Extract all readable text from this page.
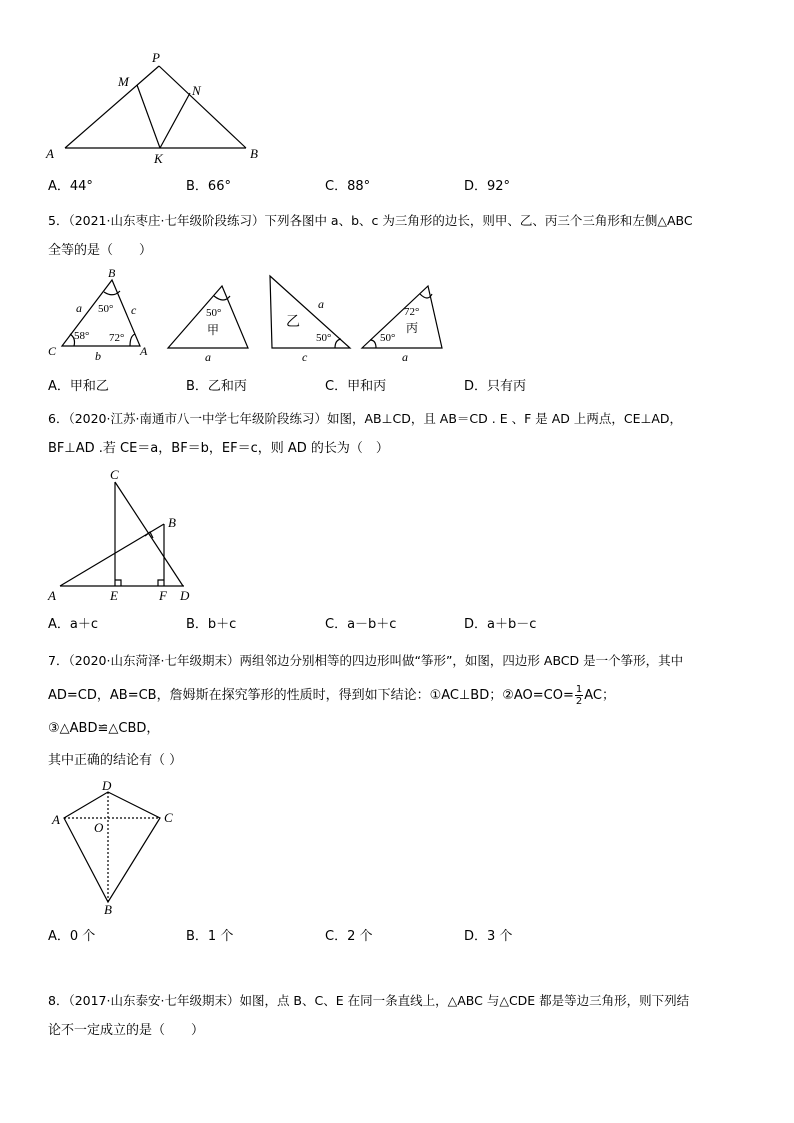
P
M
N
A	K	B
A．44°	B．66°	C．88°	D．92°
5．（2021·山东枣庄·七年级阶段练习）下列各图中 a、b、c 为三角形的边长，则甲、乙、丙三个三角形和左侧△ABC
全等的是（　　）
B
a	c
50°
58° 72°
C	A
b
50°
甲
a
乙
a
50°
c
72°
丙
50°
a
A．甲和乙	B．乙和丙	C．甲和丙	D．只有丙
6．（2020·江苏·南通市八一中学七年级阶段练习）如图，AB⊥CD，且 AB＝CD . E 、F 是 AD 上两点，CE⊥AD，
BF⊥AD .若 CE＝a，BF＝b，EF＝c，则 AD 的长为（　）
C
B
A	E	F D
A．a＋c	B．b＋c	C．a－b＋c	D．a＋b－c
7．（2020·山东菏泽·七年级期末）两组邻边分别相等的四边形叫做“筝形”，如图，四边形 ABCD 是一个筝形，其中
AD=CD，AB=CB，詹姆斯在探究筝形的性质时，得到如下结论：①AC⊥BD；②AO=CO= $\frac{1}{2}$ AC；
③△ABD≌△CBD，
其中正确的结论有（ ）
D
A
O
C
B
A．0 个	B．1 个	C．2 个	D．3 个
8．（2017·山东泰安·七年级期末）如图，点 B、C、E 在同一条直线上，△ABC 与△CDE 都是等边三角形，则下列结
论不一定成立的是（　　）
